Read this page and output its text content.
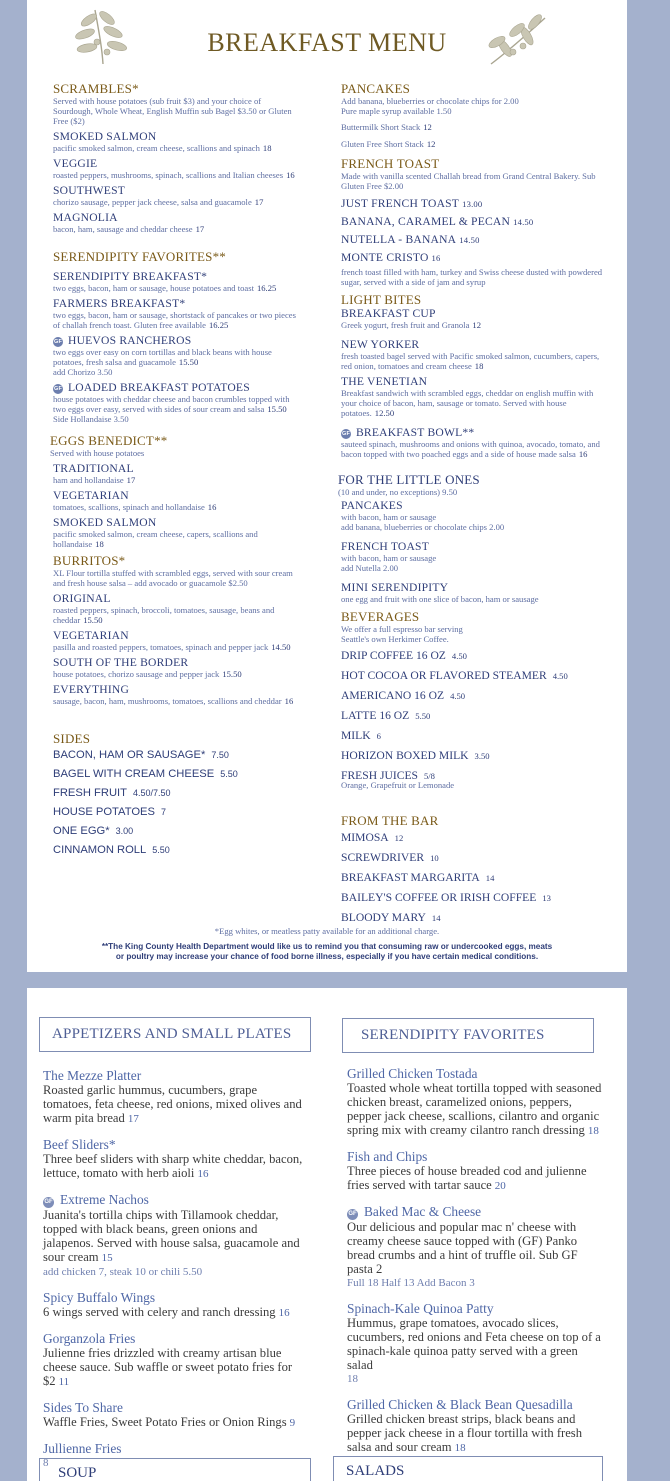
BREAKFAST MENU
SCRAMBLES*
Served with house potatoes (sub fruit $3) and your choice of Sourdough, Whole Wheat, English Muffin sub Bagel $3.50 or Gluten Free ($2)
SMOKED SALMON
pacific smoked salmon, cream cheese, scallions and spinach 18
VEGGIE
roasted peppers, mushrooms, spinach, scallions and Italian cheeses 16
SOUTHWEST
chorizo sausage, pepper jack cheese, salsa and guacamole 17
MAGNOLIA
bacon, ham, sausage and cheddar cheese 17
SERENDIPITY FAVORITES**
SERENDIPITY BREAKFAST*
two eggs, bacon, ham or sausage, house potatoes and toast 16.25
FARMERS BREAKFAST*
two eggs, bacon, ham or sausage, shortstack of pancakes or two pieces of challah french toast. Gluten free available 16.25
GF HUEVOS RANCHEROS
two eggs over easy on corn tortillas and black beans with house potatoes, fresh salsa and guacamole 15.50
add Chorizo 3.50
GF LOADED BREAKFAST POTATOES
house potatoes with cheddar cheese and bacon crumbles topped with two eggs over easy, served with sides of sour cream and salsa 15.50
Side Hollandaise 3.50
EGGS BENEDICT**
Served with house potatoes
TRADITIONAL
ham and hollandaise 17
VEGETARIAN
tomatoes, scallions, spinach and hollandaise 16
SMOKED SALMON
pacific smoked salmon, cream cheese, capers, scallions and hollandaise 18
BURRITOS*
XL Flour tortilla stuffed with scrambled eggs, served with sour cream and fresh house salsa – add avocado or guacamole $2.50
ORIGINAL
roasted peppers, spinach, broccoli, tomatoes, sausage, beans and cheddar 15.50
VEGETARIAN
pasilla and roasted peppers, tomatoes, spinach and pepper jack 14.50
SOUTH OF THE BORDER
house potatoes, chorizo sausage and pepper jack 15.50
EVERYTHING
sausage, bacon, ham, mushrooms, tomatoes, scallions and cheddar 16
SIDES
BACON, HAM OR SAUSAGE* 7.50
BAGEL WITH CREAM CHEESE 5.50
FRESH FRUIT 4.50/7.50
HOUSE POTATOES 7
ONE EGG* 3.00
CINNAMON ROLL 5.50
PANCAKES
Add banana, blueberries or chocolate chips for 2.00
Pure maple syrup available 1.50
Buttermilk Short Stack 12
Gluten Free Short Stack 12
FRENCH TOAST
Made with vanilla scented Challah bread from Grand Central Bakery. Sub Gluten Free $2.00
JUST FRENCH TOAST 13.00
BANANA, CARAMEL & PECAN 14.50
NUTELLA - BANANA 14.50
MONTE CRISTO 16
french toast filled with ham, turkey and Swiss cheese dusted with powdered sugar, served with a side of jam and syrup
LIGHT BITES
BREAKFAST CUP
Greek yogurt, fresh fruit and Granola 12
NEW YORKER
fresh toasted bagel served with Pacific smoked salmon, cucumbers, capers, red onion, tomatoes and cream cheese 18
THE VENETIAN
Breakfast sandwich with scrambled eggs, cheddar on english muffin with your choice of bacon, ham, sausage or tomato. Served with house potatoes. 12.50
GF BREAKFAST BOWL**
sauteed spinach, mushrooms and onions with quinoa, avocado, tomato, and bacon topped with two poached eggs and a side of house made salsa 16
FOR THE LITTLE ONES
(10 and under, no exceptions) 9.50
PANCAKES
with bacon, ham or sausage
add banana, blueberries or chocolate chips 2.00
FRENCH TOAST
with bacon, ham or sausage
add Nutella 2.00
MINI SERENDIPITY
one egg and fruit with one slice of bacon, ham or sausage
BEVERAGES
We offer a full espresso bar serving
Seattle's own Herkimer Coffee.
DRIP COFFEE 16 OZ 4.50
HOT COCOA OR FLAVORED STEAMER 4.50
AMERICANO 16 OZ 4.50
LATTE 16 OZ 5.50
MILK 6
HORIZON BOXED MILK 3.50
FRESH JUICES 5/8
Orange, Grapefruit or Lemonade
FROM THE BAR
MIMOSA 12
SCREWDRIVER 10
BREAKFAST MARGARITA 14
BAILEY'S COFFEE OR IRISH COFFEE 13
BLOODY MARY 14
*Egg whites, or meatless patty available for an additional charge.
**The King County Health Department would like us to remind you that consuming raw or undercooked eggs, meats
or poultry may increase your chance of food borne illness, especially if you have certain medical conditions.
APPETIZERS AND SMALL PLATES	SERENDIPITY FAVORITES
The Mezze Platter
Roasted garlic hummus, cucumbers, grape tomatoes, feta cheese, red onions, mixed olives and warm pita bread 17
Beef Sliders*
Three beef sliders with sharp white cheddar, bacon, lettuce, tomato with herb aioli 16
GF Extreme Nachos
Juanita's tortilla chips with Tillamook cheddar, topped with black beans, green onions and jalapenos. Served with house salsa, guacamole and sour cream 15
add chicken 7, steak 10 or chili 5.50
Spicy Buffalo Wings
6 wings served with celery and ranch dressing 16
Gorganzola Fries
Julienne fries drizzled with creamy artisan blue cheese sauce. Sub waffle or sweet potato fries for $2 11
Sides To Share
Waffle Fries, Sweet Potato Fries or Onion Rings 9
Jullienne Fries
8
Grilled Chicken Tostada
Toasted whole wheat tortilla topped with seasoned chicken breast, caramelized onions, peppers, pepper jack cheese, scallions, cilantro and organic spring mix with creamy cilantro ranch dressing 18
Fish and Chips
Three pieces of house breaded cod and julienne fries served with tartar sauce 20
GF Baked Mac & Cheese
Our delicious and popular mac n' cheese with creamy cheese sauce topped with (GF) Panko bread crumbs and a hint of truffle oil. Sub GF pasta 2
Full 18 Half 13 Add Bacon 3
Spinach-Kale Quinoa Patty
Hummus, grape tomatoes, avocado slices, cucumbers, red onions and Feta cheese on top of a spinach-kale quinoa patty served with a green salad
18
Grilled Chicken & Black Bean Quesadilla
Grilled chicken breast strips, black beans and pepper jack cheese in a flour tortilla with fresh salsa and sour cream 18
SOUP	SALADS
